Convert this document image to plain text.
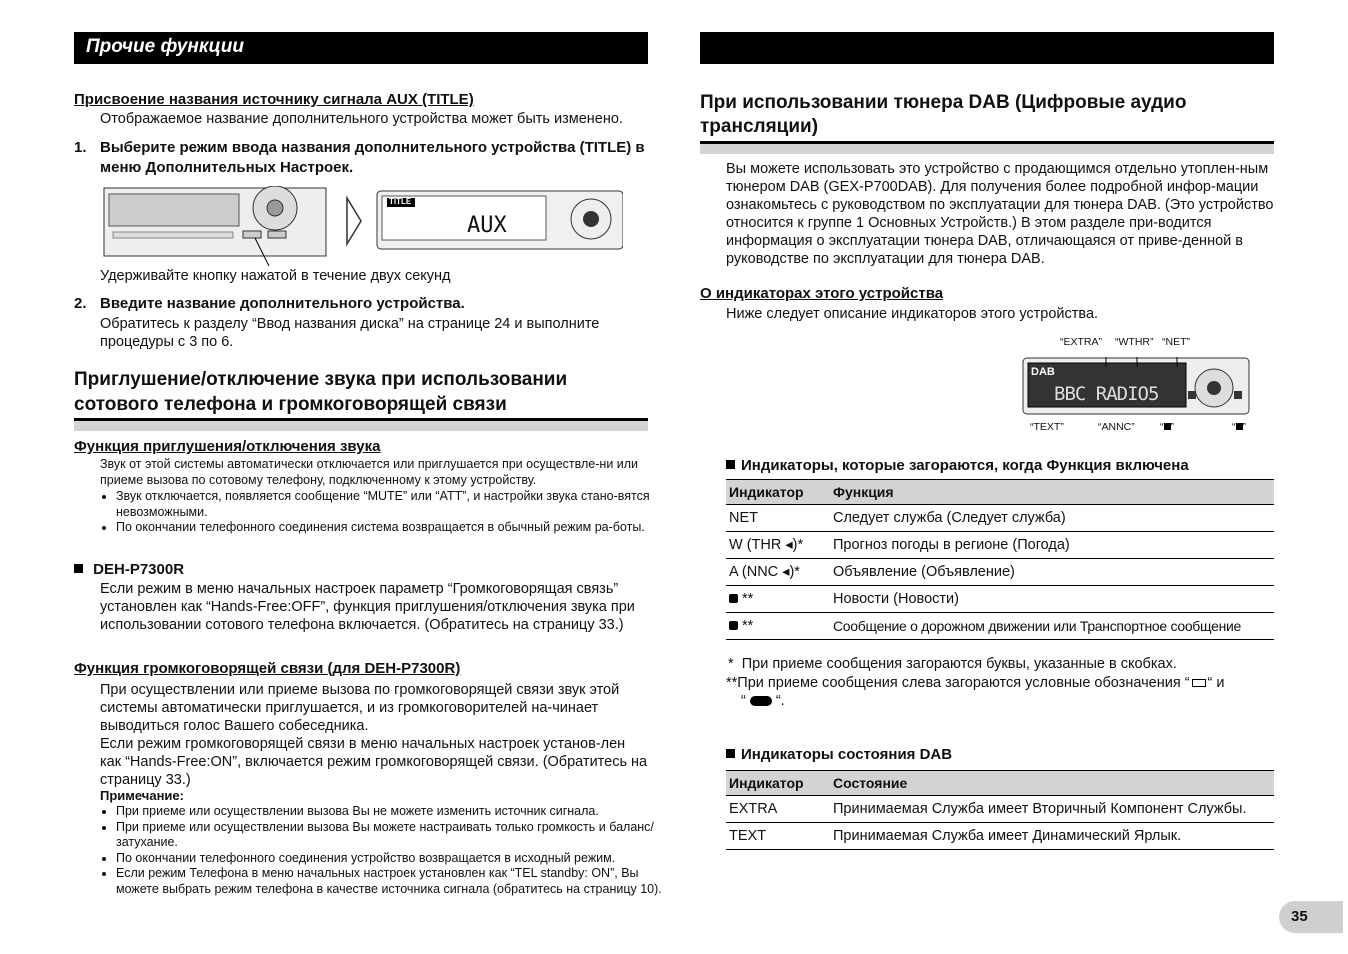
Прочие функции
Присвоение названия источнику сигнала AUX (TITLE)
Отображаемое название дополнительного устройства может быть изменено.
1. Выберите режим ввода названия дополнительного устройства (TITLE) в меню Дополнительных Настроек.
TITLE
AUX
Удерживайте кнопку нажатой в течение двух секунд
2. Введите название дополнительного устройства.
Обратитесь к разделу “Ввод названия диска” на странице 24 и выполните процедуры с 3 по 6.
Приглушение/отключение звука при использовании
сотового телефона и громкоговорящей связи
Функция приглушения/отключения звука
Звук от этой системы автоматически отключается или приглушается при осуществле-ни или приеме вызова по сотовому телефону, подключенному к этому устройству.
• Звук отключается, появляется сообщение “MUTE” или “ATT”, и настройки звука стано-вятся невозможными.
• По окончании телефонного соединения система возвращается в обычный режим ра-боты.
DEH-P7300R
Если режим в меню начальных настроек параметр “Громкоговорящая связь” установлен как “Hands-Free:OFF”, функция приглушения/отключения звука при использовании сотового телефона включается. (Обратитесь на страницу 33.)
Функция громкоговорящей связи (для DEH-P7300R)
При осуществлении или приеме вызова по громкоговорящей связи звук этой системы автоматически приглушается, и из громкоговорителей на-чинает выводиться голос Вашего собеседника.
Если режим громкоговорящей связи в меню начальных настроек установ-лен как “Hands-Free:ON”, включается режим громкоговорящей связи. (Обратитесь на страницу 33.)
Примечание:
• При приеме или осуществлении вызова Вы не можете изменить источник сигнала.
• При приеме или осуществлении вызова Вы можете настраивать только громкость и баланс/затухание.
• По окончании телефонного соединения устройство возвращается в исходный режим.
• Если режим Телефона в меню начальных настроек установлен как “TEL standby: ON”, Вы можете выбрать режим телефона в качестве источника сигнала (обратитесь на страницу 10).
При использовании тюнера DAB (Цифровые аудио
трансляции)
Вы можете использовать это устройство с продающимся отдельно утоплен-ным тюнером DAB (GEX-P700DAB). Для получения более подробной инфор-мации ознакомьтесь с руководством по эксплуатации для тюнера DAB. (Это устройство относится к группе 1 Основных Устройств.) В этом разделе при-водится информация о эксплуатации тюнера DAB, отличающаяся от приве-денной в руководстве по эксплуатации для тюнера DAB.
О индикаторах этого устройства
Ниже следует описание индикаторов этого устройства.
“EXTRA” “WTHR” “NET”
DAB
BBC RADIO5
“TEXT”	“ANNC” “ ”	“ ”
Индикаторы, которые загораются, когда Функция включена
Индикатор	Функция
NET	Следует служба (Следует служба)
W (THR ◂)*	Прогноз погоды в регионе (Погода)
A (NNC ◂)*	Объявление (Объявление)
**	Новости (Новости)
**	Сообщение о дорожном движении или Транспортное сообщение
* При приеме сообщения загораются буквы, указанные в скобках.
**При приеме сообщения слева загораются условные обозначения “ “ и
“ “.
Индикаторы состояния DAB
Индикатор	Состояние
EXTRA	Принимаемая Служба имеет Вторичный Компонент Службы.
TEXT	Принимаемая Служба имеет Динамический Ярлык.
35
